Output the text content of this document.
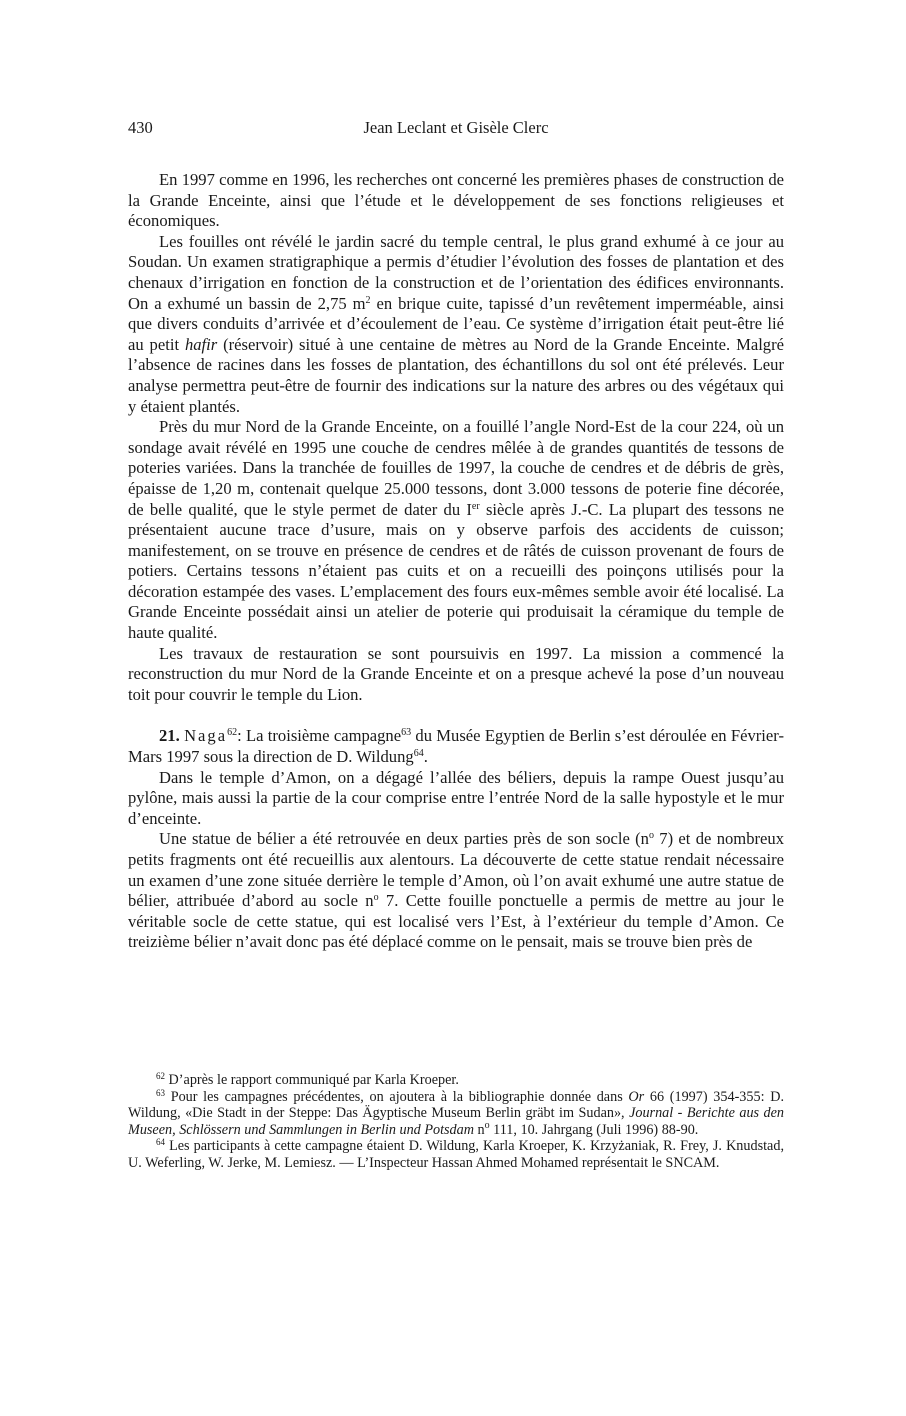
430	Jean Leclant et Gisèle Clerc

En 1997 comme en 1996, les recherches ont concerné les premières phases de construction de la Grande Enceinte, ainsi que l’étude et le développement de ses fonctions religieuses et économiques.

Les fouilles ont révélé le jardin sacré du temple central, le plus grand exhumé à ce jour au Soudan. Un examen stratigraphique a permis d’étudier l’évolution des fosses de plantation et des chenaux d’irrigation en fonction de la construction et de l’orientation des édifices environnants. On a exhumé un bassin de 2,75 $m^2$ en brique cuite, tapissé d’un revêtement imperméable, ainsi que divers conduits d’arrivée et d’écoulement de l’eau. Ce système d’irrigation était peut-être lié au petit hafir (réservoir) situé à une centaine de mètres au Nord de la Grande Enceinte. Malgré l’absence de racines dans les fosses de plantation, des échantillons du sol ont été prélevés. Leur analyse permettra peut-être de fournir des indications sur la nature des arbres ou des végétaux qui y étaient plantés.

Près du mur Nord de la Grande Enceinte, on a fouillé l’angle Nord-Est de la cour 224, où un sondage avait révélé en 1995 une couche de cendres mêlée à de grandes quantités de tessons de poteries variées. Dans la tranchée de fouilles de 1997, la couche de cendres et de débris de grès, épaisse de 1,20 m, contenait quelque 25.000 tessons, dont 3.000 tessons de poterie fine décorée, de belle qualité, que le style permet de dater du Ier siècle après J.-C. La plupart des tessons ne présentaient aucune trace d’usure, mais on y observe parfois des accidents de cuisson; manifestement, on se trouve en présence de cendres et de râtés de cuisson provenant de fours de potiers. Certains tessons n’étaient pas cuits et on a recueilli des poinçons utilisés pour la décoration estampée des vases. L’emplacement des fours eux-mêmes semble avoir été localisé. La Grande Enceinte possédait ainsi un atelier de poterie qui produisait la céramique du temple de haute qualité.

Les travaux de restauration se sont poursuivis en 1997. La mission a commencé la reconstruction du mur Nord de la Grande Enceinte et on a presque achevé la pose d’un nouveau toit pour couvrir le temple du Lion.

21. Naga$^{62}$: La troisième campagne$^{63}$ du Musée Egyptien de Berlin s’est déroulée en Février-Mars 1997 sous la direction de D. Wildung$^{64}$.

Dans le temple d’Amon, on a dégagé l’allée des béliers, depuis la rampe Ouest jusqu’au pylône, mais aussi la partie de la cour comprise entre l’entrée Nord de la salle hypostyle et le mur d’enceinte.

Une statue de bélier a été retrouvée en deux parties près de son socle ($n^o$ 7) et de nombreux petits fragments ont été recueillis aux alentours. La découverte de cette statue rendait nécessaire un examen d’une zone située derrière le temple d’Amon, où l’on avait exhumé une autre statue de bélier, attribuée d’abord au socle $n^o$ 7. Cette fouille ponctuelle a permis de mettre au jour le véritable socle de cette statue, qui est localisé vers l’Est, à l’extérieur du temple d’Amon. Ce treizième bélier n’avait donc pas été déplacé comme on le pensait, mais se trouve bien près de

$^{62}$ D’après le rapport communiqué par Karla Kroeper.

$^{63}$ Pour les campagnes précédentes, on ajoutera à la bibliographie donnée dans Or 66 (1997) 354-355: D. Wildung, «Die Stadt in der Steppe: Das Ägyptische Museum Berlin gräbt im Sudan», Journal - Berichte aus den Museen, Schlössern und Sammlungen in Berlin und Potsdam $n^o$ 111, 10. Jahrgang (Juli 1996) 88-90.

$^{64}$ Les participants à cette campagne étaient D. Wildung, Karla Kroeper, K. Krzyżaniak, R. Frey, J. Knudstad, U. Weferling, W. Jerke, M. Lemiesz. — L’Inspecteur Hassan Ahmed Mohamed représentait le SNCAM.
